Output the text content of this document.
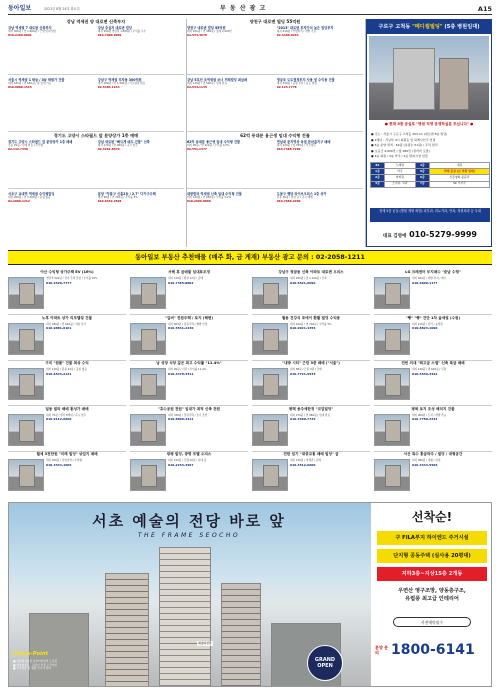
동아일보	2021년 8월 24일 화요일	부 동 산 광 고	A15
강남 역세권 양 대로변 신축부지
강남 역세권 7 대로변 신축부지
대지 300평 / 연 1,000평 / 근생 임대 양호
010-2260-0001
강남 중심지 대로변 빌딩
대지 250평 연면적 1,600평 / 수익률 우수
010-7000-9001
서울시 역세권 1 학동 / 3동 학원가 건물
대지 165평 / 연 650평 / 통 임대 가능
010-9880-1515
강남구 역세권 투자용 300억원
대지 180평 / 연 1,400평 / 리모델링 완료
02-5484-1233
경기도 고양시 스타필드 앞 분양상가 1층 매매
경기도 고양시 스타필드 앞 분양상가 1층 매매
전용 25평 / 임대 완료 / 수익형
02-132-7350
강남 대로변 "빠르게 매도 건물" 신축
대지 170평 / 연 960평 / 즉시 입주
02-3262-8570
서초구 교대역 역세권 수익형빌딩
대지 200평 / 연 1,300평 / 공실 없음
02-2000-1212
분당 "꾸룡구 신흥2동 / 2,7" 다가구주택
대지 98평 / 연 210평 / 수익률 5%
010-6332-2504
양천구 대로변 빌딩 55억원
양천구 대로변 빌딩 55억원
대지 105평 / 연 480평 / 월세 2,400만
02-534-4970
"2013" 대로변 투자가치 높은 빌딩부지
대지 410평 / 상업지역 / 개발 가능
02-3490-0234
강남 5호선 초역세권 보너 거래빌딩 최급매
대지 130평 / 연 590평 / 임대 완료
02-533-1135
영등포 도로결정부지 사용 및 수익용 건물
대지 520평 / 공장 부지 / 용도 변경
02-123-7778
62억 동대문 용근생 임대 수익형 건물
62억 동대문 용근생 임대 수익형 건물
대지 90평 / 연 410평 / 수익률 4.5%
02-551-1377
연남대 문지역상 독점 본마을지구 매매
대지 220평 / 연 780평 / 리모델링
010-7388-7290
대한빌라 역세권 신축 임대 수익형 건물
대지 140평 / 연 650평 / 수익률 5.2%
010-2600-8860
도봉구 행당 라이브오피스 1층 상가
전용 36평 / 임대 중 / 즉시 매매
010-7650-2200
구로구 고척동 "메디컬빌딩" (5층 병원임대)
● 현재 5층 공실로 "병원 직영 운영하실분 모십니다" ●
● 주소 : 서울시 구로구 고척동 253-11 (대로변 8층 빌딩)
● 2개년 : 서남부 4시 회원등 및 퇴계사인주 연결
● 5층 분양 면적 : 62평 (실평수 51평) / 주차 편리
● 보증금 4,000만 / 월 280만 (관리비 포함)
● 4층 의원 / 3층 약국 / 1층 편의시설 입점
B1	노래방	4층	내과
1층	약국	5층	현재 공실 (모 의원 임대)
2층	한의원	6층	신흥영화 통증과
3층	소아과, 치과	7층	SK 기지국
현재 5층 공실 (병원 개원 희망) 피부과, 비뇨기과, 안과, 정형외과 등 우대
대표 김영애 010-5279-9999
동아일보 부동산 추천매물 (매주 화, 금 게재) 부동산 광고 문의 : 02-2058-1211
아산 수익형 상가주택 EV (16%)
연면적 520평 / 상가·주택 혼합 / 수익률 16%
010-2520-7777
노후 아파트 상가 리모델링 건물
대지 180평 / 연 820평 / 저층 상가
010-9881-0101
구미 "원룸" 건물 최상 수익
대지 120평 / 원룸 24실 / 공실 없음
010-6543-2121
일동 빌라 매매 통성가 매매
대지 75평 / 빌라 8세대 / 즉시 입주
010-9112-6600
월세 3천만원 "미래 빌딩" 상업지 매매
대지 250평 / 상업지역 / 수익형
010-3344-1005
서해 휴 급매물 임대료조정
대지 410평 / 펜션 12실 / 급매
010-7365-8802
"길버" 전원주택 / 토지 (해변)
대지 600평 / 전원주택 / 해변 인접
010-5541-2230
남 성장 식당 같은 최고 수익률 "11.4%"
대지 95평 / 식당 / 수익률 11.4%
010-4478-3311
"호수공원 전원" 임대가 최적 신축 전원
대지 330평 / 전원주택 / 호수 조망
010-8890-4411
광평 빌딩, 광명 모텔 오피스
대지 150평 / 모텔 20실 / 임대 중
010-2233-4567
강남구 청담동 신축 아파트 대로변 오피스
대지 200평 / 연 1,100평 / 신축
010-5521-0090
월동 건강식 포에이 환활 빌딩 수익용
대지 160평 / 연 700평 / 수익률 5%
010-9921-4455
"내방 시티" 근린 3층 매매 ("서울")
대지 88평 / 근린 3층 / 급매
010-7721-5533
평택 용주세한정 "코업빌딩"
대지 270평 / 연 980평 / 임대 완료
010-3390-7745
전한 임기 "대중교통 매매 빌딩" 급
대지 130평 / 역세권 / 급매
010-4512-6600
LG 크레센터 부지매수 "증남 수령"
대지 500평 / 개발 부지 / 매수
010-6600-1177
"빵" "빵" 건단 1차 숲세권 (수원)
대지 210평 / 상가 / 숲세권
010-8823-1090
전빈 의대 "회고급 스엘" 신축 특급 매매
대지 140평 / 연 620평 / 신축
010-5540-3322
평북 토지 조성 배치지 건물
대지 900평 / 토지 / 개발 가능
010-7789-2244
서산 특수 홍급라주 / 빌딩 / 대형공간
대지 380평 / 대형 / 임대
010-3344-5566
서초 예술의 전당 바로 앞
THE FRAME SEOCHO
예술의전당
Check-Point
■ 지하철 3호선 남부터미널역 도보권
■ 예술의전당 · 우면산 인접 프리미엄
■ 우수학군 및 생활 인프라 완비
GRAND OPEN
선착순!
구 FILA부지 하이엔드 주거시설
단지형 공동주택 (실사용 20평대)
지하3층~지상15층 2개동
우면산 영구조망, 양동층구조,
유럽풍 최고급 인테리어
사전예약필수
분양 문의 1800-6141
